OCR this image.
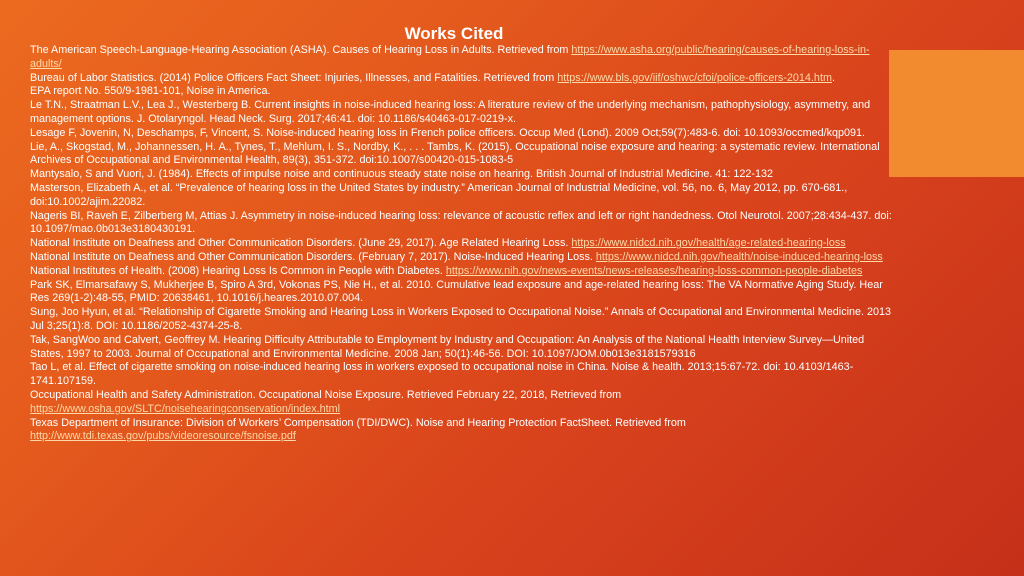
Works Cited

The American Speech-Language-Hearing Association (ASHA). Causes of Hearing Loss in Adults. Retrieved from https://www.asha.org/public/hearing/causes-of-hearing-loss-in-adults/

Bureau of Labor Statistics. (2014) Police Officers Fact Sheet: Injuries, Illnesses, and Fatalities. Retrieved from https://www.bls.gov/iif/oshwc/cfoi/police-officers-2014.htm.

EPA report No. 550/9-1981-101, Noise in America.

Le T.N., Straatman L.V., Lea J., Westerberg B. Current insights in noise-induced hearing loss: A literature review of the underlying mechanism, pathophysiology, asymmetry, and management options. J. Otolaryngol. Head Neck. Surg. 2017;46:41. doi: 10.1186/s40463-017-0219-x.

Lesage F, Jovenin, N, Deschamps, F, Vincent, S. Noise-induced hearing loss in French police officers. Occup Med (Lond). 2009 Oct;59(7):483-6. doi: 10.1093/occmed/kqp091.

Lie, A., Skogstad, M., Johannessen, H. A., Tynes, T., Mehlum, I. S., Nordby, K., . . . Tambs, K. (2015). Occupational noise exposure and hearing: a systematic review. International Archives of Occupational and Environmental Health, 89(3), 351-372. doi:10.1007/s00420-015-1083-5

Mantysalo, S and Vuori, J. (1984). Effects of impulse noise and continuous steady state noise on hearing. British Journal of Industrial Medicine. 41: 122-132

Masterson, Elizabeth A., et al. “Prevalence of hearing loss in the United States by industry.” American Journal of Industrial Medicine, vol. 56, no. 6, May 2012, pp. 670-681., doi:10.1002/ajim.22082.

Nageris BI, Raveh E, Zilberberg M, Attias J. Asymmetry in noise-induced hearing loss: relevance of acoustic reflex and left or right handedness. Otol Neurotol. 2007;28:434-437. doi: 10.1097/mao.0b013e3180430191.

National Institute on Deafness and Other Communication Disorders. (June 29, 2017). Age Related Hearing Loss. https://www.nidcd.nih.gov/health/age-related-hearing-loss

National Institute on Deafness and Other Communication Disorders. (February 7, 2017). Noise-Induced Hearing Loss. https://www.nidcd.nih.gov/health/noise-induced-hearing-loss

National Institutes of Health. (2008) Hearing Loss Is Common in People with Diabetes. https://www.nih.gov/news-events/news-releases/hearing-loss-common-people-diabetes

Park SK, Elmarsafawy S, Mukherjee B, Spiro A 3rd, Vokonas PS, Nie H., et al. 2010. Cumulative lead exposure and age-related hearing loss: The VA Normative Aging Study. Hear Res 269(1-2):48-55, PMID: 20638461, 10.1016/j.heares.2010.07.004.

Sung, Joo Hyun, et al. “Relationship of Cigarette Smoking and Hearing Loss in Workers Exposed to Occupational Noise.” Annals of Occupational and Environmental Medicine. 2013 Jul 3;25(1):8. DOI: 10.1186/2052-4374-25-8.

Tak, SangWoo and Calvert, Geoffrey M. Hearing Difficulty Attributable to Employment by Industry and Occupation: An Analysis of the National Health Interview Survey—United States, 1997 to 2003. Journal of Occupational and Environmental Medicine. 2008 Jan; 50(1):46-56. DOI: 10.1097/JOM.0b013e3181579316

Tao L, et al. Effect of cigarette smoking on noise-induced hearing loss in workers exposed to occupational noise in China. Noise & health. 2013;15:67-72. doi: 10.4103/1463-1741.107159.

Occupational Health and Safety Administration. Occupational Noise Exposure. Retrieved February 22, 2018, Retrieved from https://www.osha.gov/SLTC/noisehearingconservation/index.html

Texas Department of Insurance: Division of Workers’ Compensation (TDI/DWC). Noise and Hearing Protection FactSheet. Retrieved from http://www.tdi.texas.gov/pubs/videoresource/fsnoise.pdf
